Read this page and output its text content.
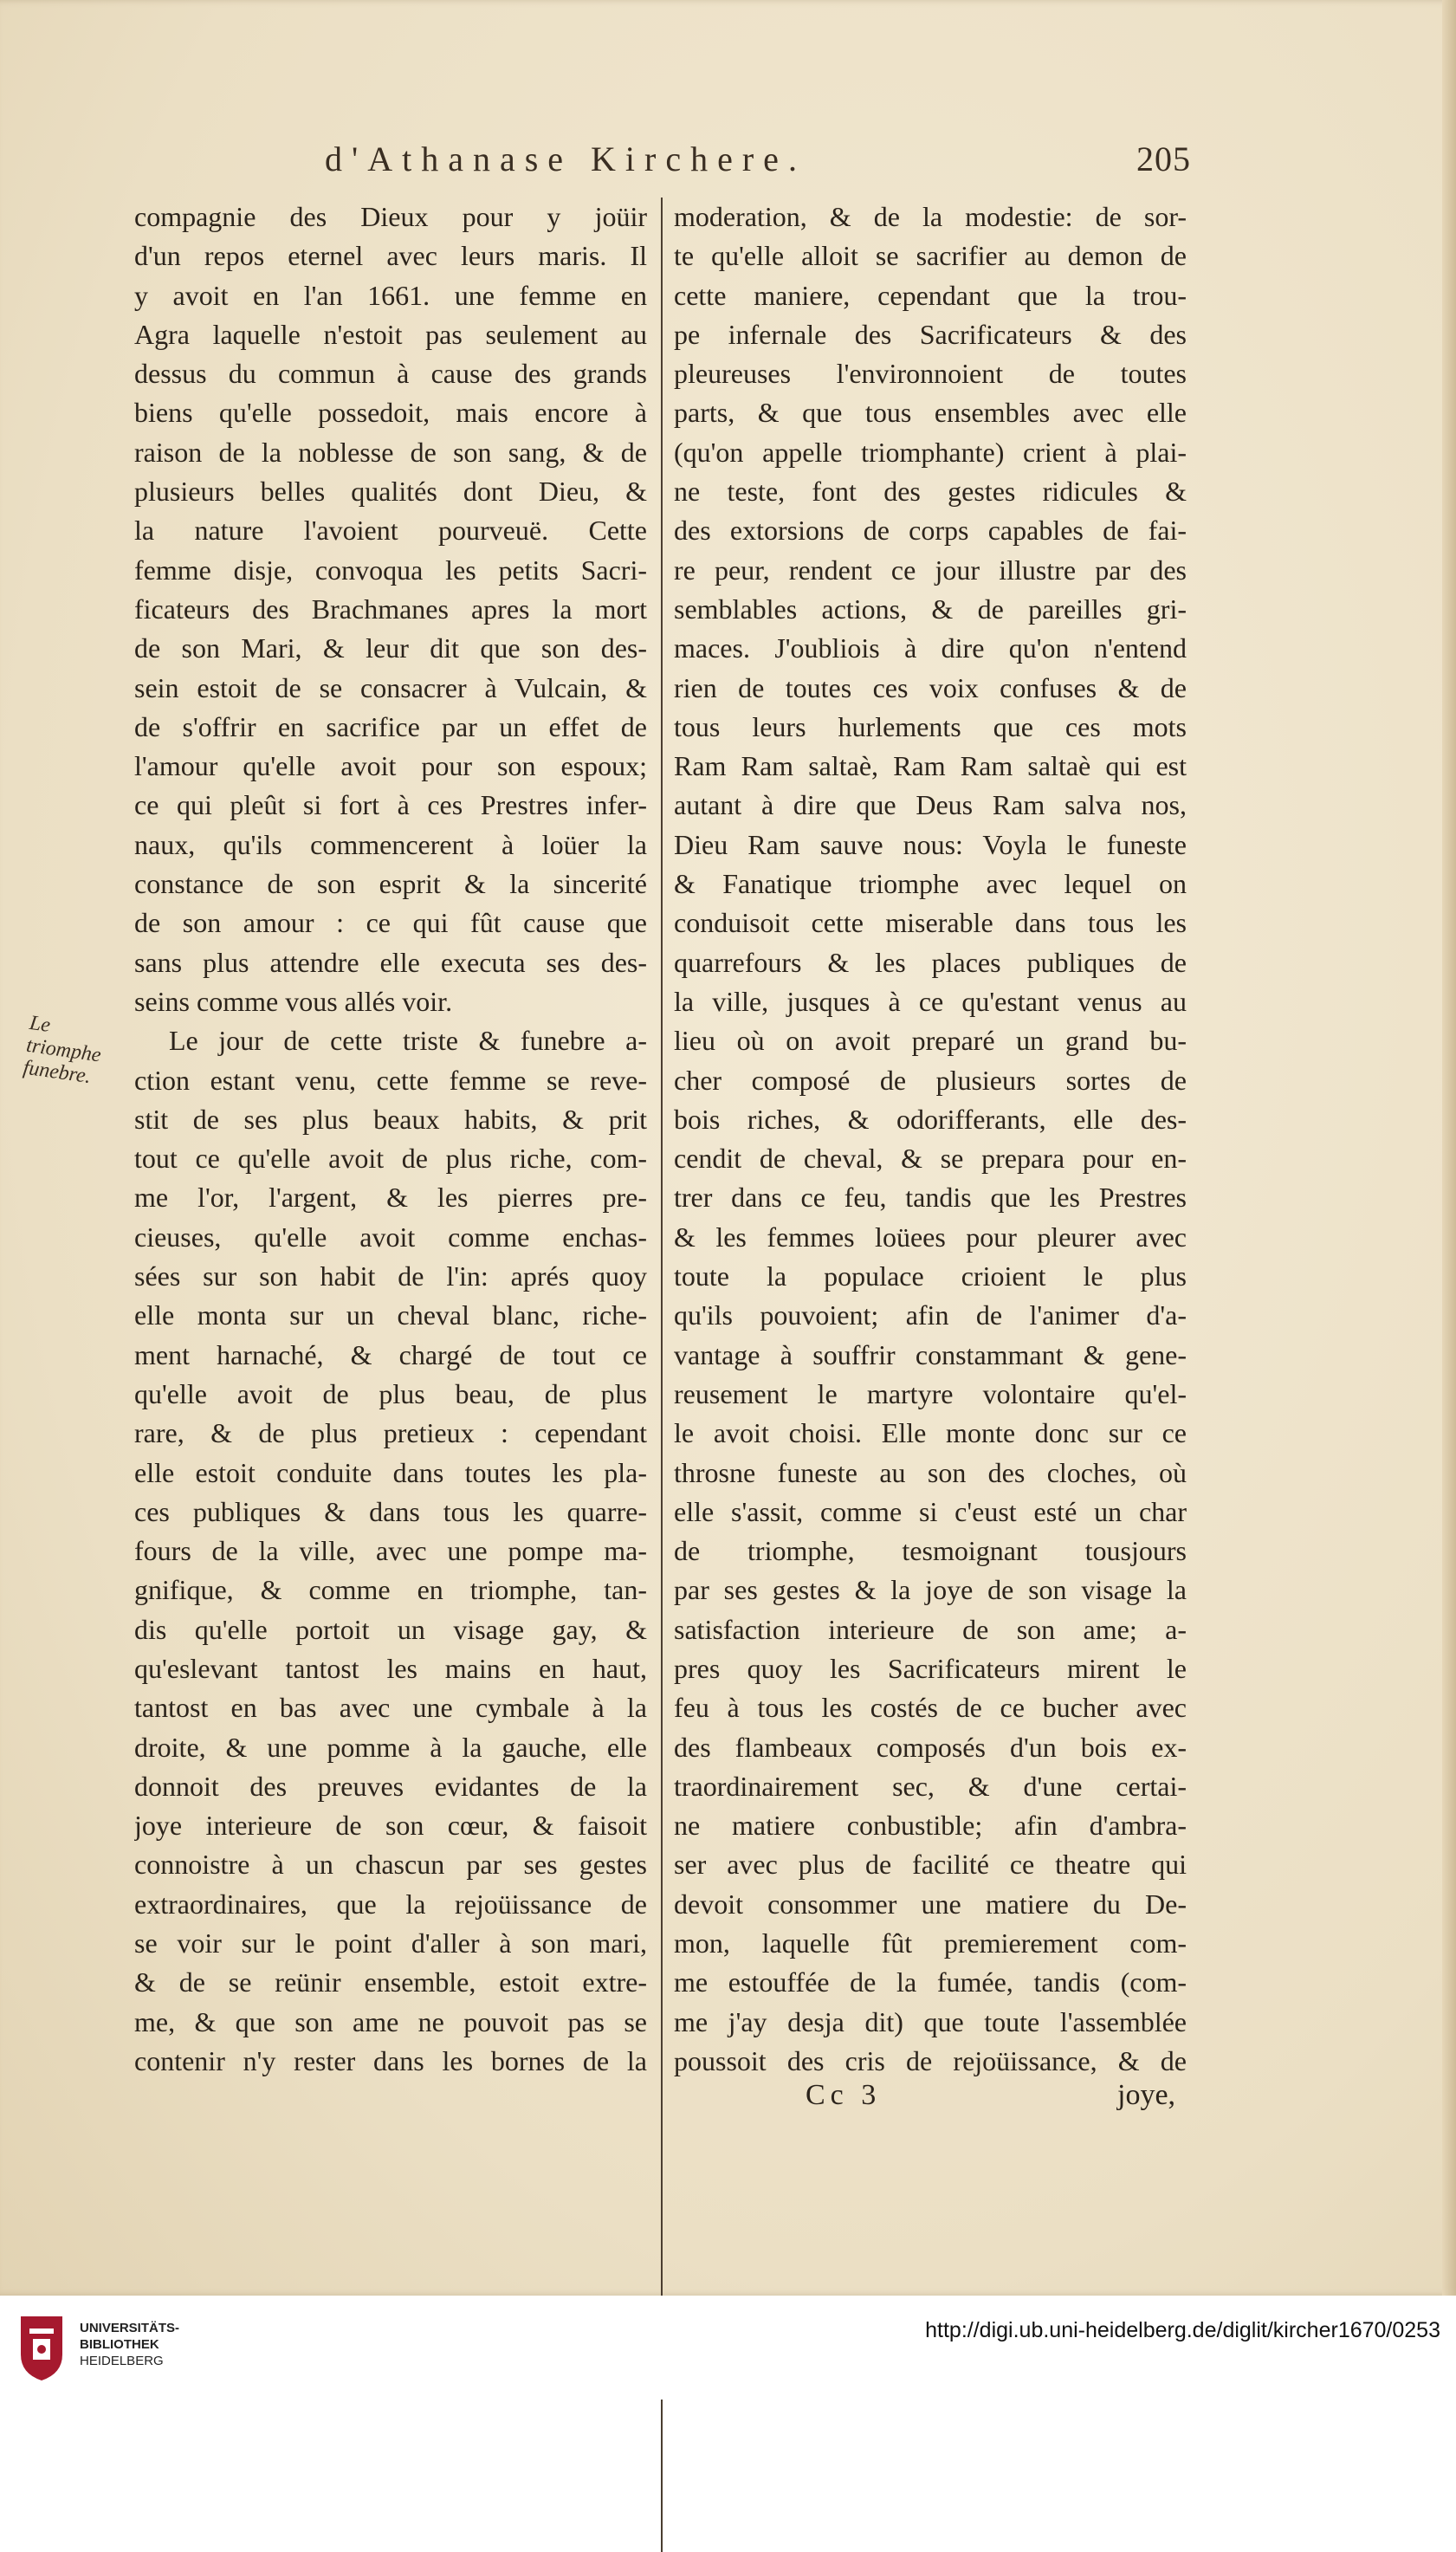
d'Athanase Kirchere.	205
compagnie des Dieux pour y joüir
d'un repos eternel avec leurs maris. Il
y avoit en l'an 1661. une femme en
Agra laquelle n'estoit pas seulement au
dessus du commun à cause des grands
biens qu'elle possedoit, mais encore à
raison de la noblesse de son sang, & de
plusieurs belles qualités dont Dieu, &
la nature l'avoient pourveuë. Cette
femme disje, convoqua les petits Sacri-
ficateurs des Brachmanes apres la mort
de son Mari, & leur dit que son des-
sein estoit de se consacrer à Vulcain, &
de s'offrir en sacrifice par un effet de
l'amour qu'elle avoit pour son espoux;
ce qui pleût si fort à ces Prestres infer-
naux, qu'ils commencerent à loüer la
constance de son esprit & la sincerité
de son amour : ce qui fût cause que
sans plus attendre elle executa ses des-
seins comme vous allés voir.
Le jour de cette triste & funebre a-
ction estant venu, cette femme se reve-
stit de ses plus beaux habits, & prit
tout ce qu'elle avoit de plus riche, com-
me l'or, l'argent, & les pierres pre-
cieuses, qu'elle avoit comme enchas-
sées sur son habit de l'in: aprés quoy
elle monta sur un cheval blanc, riche-
ment harnaché, & chargé de tout ce
qu'elle avoit de plus beau, de plus
rare, & de plus pretieux : cependant
elle estoit conduite dans toutes les pla-
ces publiques & dans tous les quarre-
fours de la ville, avec une pompe ma-
gnifique, & comme en triomphe, tan-
dis qu'elle portoit un visage gay, &
qu'eslevant tantost les mains en haut,
tantost en bas avec une cymbale à la
droite, & une pomme à la gauche, elle
donnoit des preuves evidantes de la
joye interieure de son cœur, & faisoit
connoistre à un chascun par ses gestes
extraordinaires, que la rejoüissance de
se voir sur le point d'aller à son mari,
& de se reünir ensemble, estoit extre-
me, & que son ame ne pouvoit pas se
contenir n'y rester dans les bornes de la
moderation, & de la modestie: de sor-
te qu'elle alloit se sacrifier au demon de
cette maniere, cependant que la trou-
pe infernale des Sacrificateurs & des
pleureuses l'environnoient de toutes
parts, & que tous ensembles avec elle
(qu'on appelle triomphante) crient à plai-
ne teste, font des gestes ridicules &
des extorsions de corps capables de fai-
re peur, rendent ce jour illustre par des
semblables actions, & de pareilles gri-
maces. J'oubliois à dire qu'on n'entend
rien de toutes ces voix confuses & de
tous leurs hurlements que ces mots
Ram Ram saltaè, Ram Ram saltaè qui est
autant à dire que Deus Ram salva nos,
Dieu Ram sauve nous: Voyla le funeste
& Fanatique triomphe avec lequel on
conduisoit cette miserable dans tous les
quarrefours & les places publiques de
la ville, jusques à ce qu'estant venus au
lieu où on avoit preparé un grand bu-
cher composé de plusieurs sortes de
bois riches, & odorifferants, elle des-
cendit de cheval, & se prepara pour en-
trer dans ce feu, tandis que les Prestres
& les femmes loüees pour pleurer avec
toute la populace crioient le plus
qu'ils pouvoient; afin de l'animer d'a-
vantage à souffrir constammant & gene-
reusement le martyre volontaire qu'el-
le avoit choisi. Elle monte donc sur ce
throsne funeste au son des cloches, où
elle s'assit, comme si c'eust esté un char
de triomphe, tesmoignant tousjours
par ses gestes & la joye de son visage la
satisfaction interieure de son ame; a-
pres quoy les Sacrificateurs mirent le
feu à tous les costés de ce bucher avec
des flambeaux composés d'un bois ex-
traordinairement sec, & d'une certai-
ne matiere conbustible; afin d'ambra-
ser avec plus de facilité ce theatre qui
devoit consommer une matiere du De-
mon, laquelle fût premierement com-
me estouffée de la fumée, tandis (com-
me j'ay desja dit) que toute l'assemblée
poussoit des cris de rejoüissance, & de
Le triomphe funebre.
Cc 3	joye,
UNIVERSITÄTS-
BIBLIOTHEK
HEIDELBERG
http://digi.ub.uni-heidelberg.de/diglit/kircher1670/0253
